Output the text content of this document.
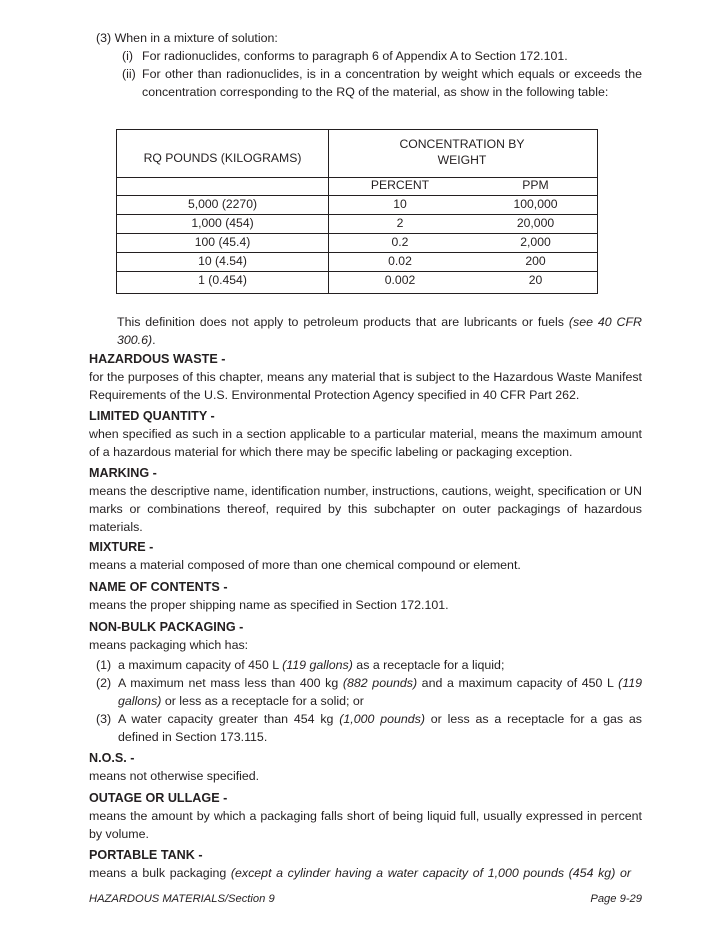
(3) When in a mixture of solution:
(i) For radionuclides, conforms to paragraph 6 of Appendix A to Section 172.101.
(ii) For other than radionuclides, is in a concentration by weight which equals or exceeds the concentration corresponding to the RQ of the material, as show in the following table:
RQ POUNDS (KILOGRAMS)
CONCENTRATION BY WEIGHT
PERCENT	PPM
5,000 (2270)	10	100,000
1,000 (454)	2	20,000
100 (45.4)	0.2	2,000
10 (4.54)	0.02	200
1 (0.454)	0.002	20
This definition does not apply to petroleum products that are lubricants or fuels (see 40 CFR 300.6).
HAZARDOUS WASTE -
for the purposes of this chapter, means any material that is subject to the Hazardous Waste Manifest Requirements of the U.S. Environmental Protection Agency specified in 40 CFR Part 262.
LIMITED QUANTITY -
when specified as such in a section applicable to a particular material, means the maximum amount of a hazardous material for which there may be specific labeling or packaging exception.
MARKING -
means the descriptive name, identification number, instructions, cautions, weight, specification or UN marks or combinations thereof, required by this subchapter on outer packagings of hazardous materials.
MIXTURE -
means a material composed of more than one chemical compound or element.
NAME OF CONTENTS -
means the proper shipping name as specified in Section 172.101.
NON-BULK PACKAGING -
means packaging which has:
(1) a maximum capacity of 450 L (119 gallons) as a receptacle for a liquid;
(2) A maximum net mass less than 400 kg (882 pounds) and a maximum capacity of 450 L (119 gallons) or less as a receptacle for a solid; or
(3) A water capacity greater than 454 kg (1,000 pounds) or less as a receptacle for a gas as defined in Section 173.115.
N.O.S. -
means not otherwise specified.
OUTAGE OR ULLAGE -
means the amount by which a packaging falls short of being liquid full, usually expressed in percent by volume.
PORTABLE TANK -
means a bulk packaging (except a cylinder having a water capacity of 1,000 pounds (454 kg) or
HAZARDOUS MATERIALS/Section 9	Page 9-29
